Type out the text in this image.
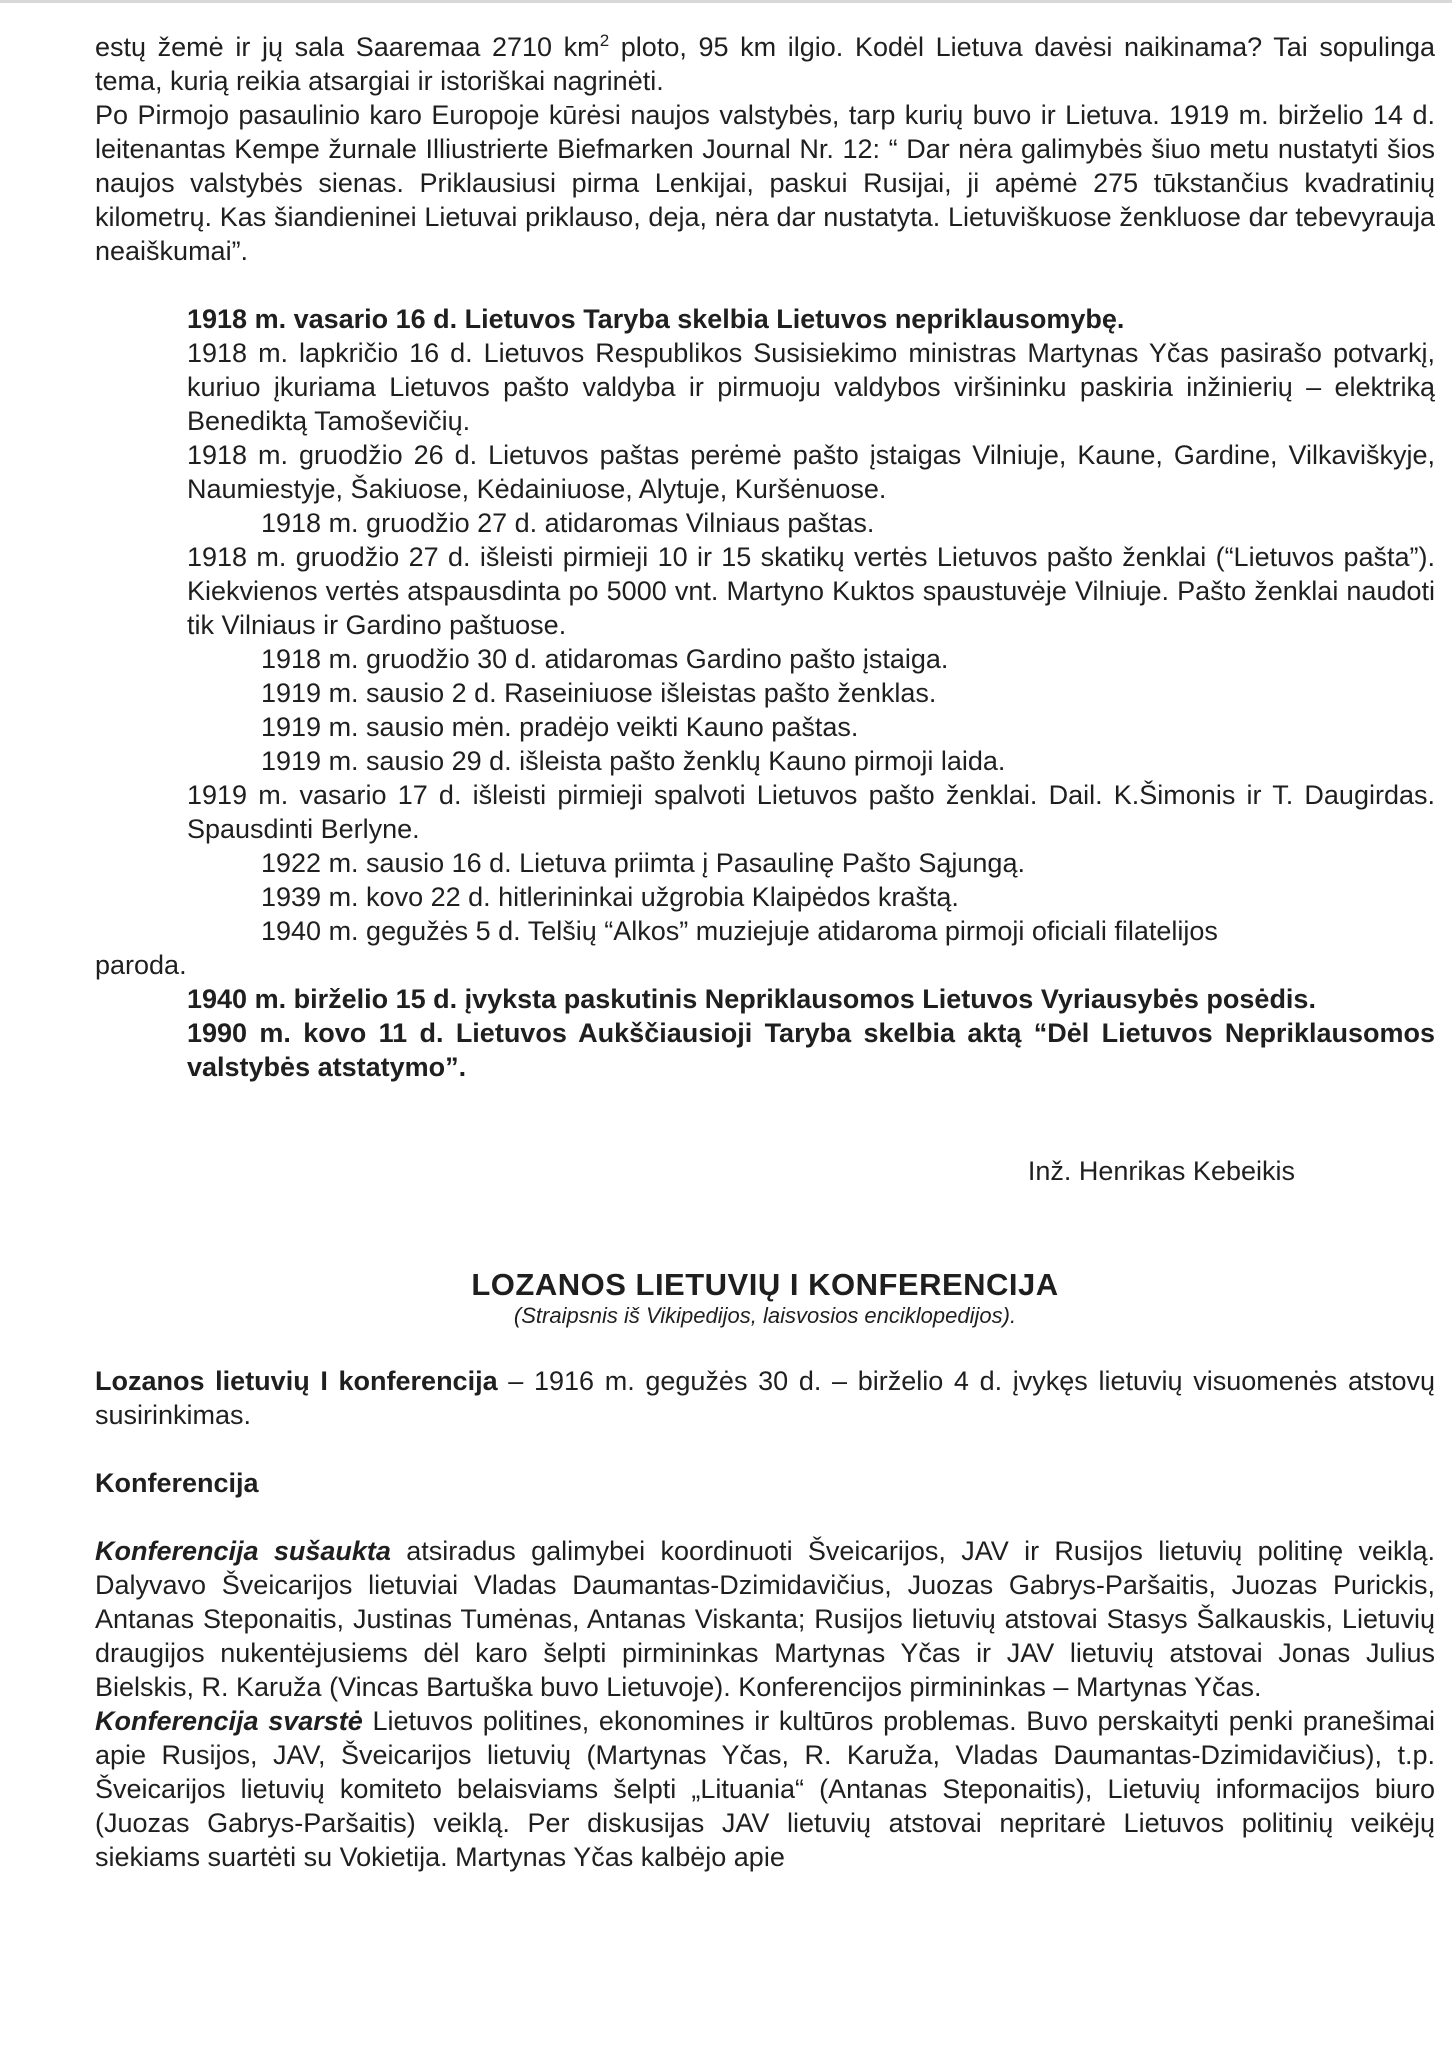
estų žemė ir jų sala Saaremaa 2710 $km^2$ ploto, 95 km ilgio. Kodėl Lietuva davėsi naikinama? Tai sopulinga tema, kurią reikia atsargiai ir istoriškai nagrinėti.

Po Pirmojo pasaulinio karo Europoje kūrėsi naujos valstybės, tarp kurių buvo ir Lietuva. 1919 m. birželio 14 d. leitenantas Kempe žurnale Illiustrierte Biefmarken Journal Nr. 12: “ Dar nėra galimybės šiuo metu nustatyti šios naujos valstybės sienas. Priklausiusi pirma Lenkijai, paskui Rusijai, ji apėmė 275 tūkstančius kvadratinių kilometrų. Kas šiandieninei Lietuvai priklauso, deja, nėra dar nustatyta. Lietuviškuose ženkluose dar tebevyrauja neaiškumai”.

1918 m. vasario 16 d. Lietuvos Taryba skelbia Lietuvos nepriklausomybę.

1918 m. lapkričio 16 d. Lietuvos Respublikos Susisiekimo ministras Martynas Yčas pasirašo potvarkį, kuriuo įkuriama Lietuvos pašto valdyba ir pirmuoju valdybos viršininku paskiria inžinierių – elektriką Benediktą Tamoševičių.

1918 m. gruodžio 26 d. Lietuvos paštas perėmė pašto įstaigas Vilniuje, Kaune, Gardine, Vilkaviškyje, Naumiestyje, Šakiuose, Kėdainiuose, Alytuje, Kuršėnuose.

1918 m. gruodžio 27 d. atidaromas Vilniaus paštas.

1918 m. gruodžio 27 d. išleisti pirmieji 10 ir 15 skatikų vertės Lietuvos pašto ženklai (“Lietuvos pašta”). Kiekvienos vertės atspausdinta po 5000 vnt. Martyno Kuktos spaustuvėje Vilniuje. Pašto ženklai naudoti tik Vilniaus ir Gardino paštuose.

1918 m. gruodžio 30 d. atidaromas Gardino pašto įstaiga.

1919 m. sausio 2 d. Raseiniuose išleistas pašto ženklas.

1919 m. sausio mėn. pradėjo veikti Kauno paštas.

1919 m. sausio 29 d. išleista pašto ženklų Kauno pirmoji laida.

1919 m. vasario 17 d. išleisti pirmieji spalvoti Lietuvos pašto ženklai. Dail. K.Šimonis ir T. Daugirdas. Spausdinti Berlyne.

1922 m. sausio 16 d. Lietuva priimta į Pasaulinę Pašto Sąjungą.

1939 m. kovo 22 d. hitlerininkai užgrobia Klaipėdos kraštą.

1940 m. gegužės 5 d. Telšių “Alkos” muziejuje atidaroma pirmoji oficiali filatelijos

paroda.

1940 m. birželio 15 d. įvyksta paskutinis Nepriklausomos Lietuvos Vyriausybės posėdis.

1990 m. kovo 11 d. Lietuvos Aukščiausioji Taryba skelbia aktą “Dėl Lietuvos Nepriklausomos valstybės atstatymo”.

Inž. Henrikas Kebeikis

LOZANOS LIETUVIŲ I KONFERENCIJA

(Straipsnis iš Vikipedijos, laisvosios enciklopedijos).

Lozanos lietuvių I konferencija – 1916 m. gegužės 30 d. – birželio 4 d. įvykęs lietuvių visuomenės atstovų susirinkimas.

Konferencija

Konferencija sušaukta atsiradus galimybei koordinuoti Šveicarijos, JAV ir Rusijos lietuvių politinę veiklą. Dalyvavo Šveicarijos lietuviai Vladas Daumantas-Dzimidavičius, Juozas Gabrys-Paršaitis, Juozas Purickis, Antanas Steponaitis, Justinas Tumėnas, Antanas Viskanta; Rusijos lietuvių atstovai Stasys Šalkauskis, Lietuvių draugijos nukentėjusiems dėl karo šelpti pirmininkas Martynas Yčas ir JAV lietuvių atstovai Jonas Julius Bielskis, R. Karuža (Vincas Bartuška buvo Lietuvoje). Konferencijos pirmininkas – Martynas Yčas.

Konferencija svarstė Lietuvos politines, ekonomines ir kultūros problemas. Buvo perskaityti penki pranešimai apie Rusijos, JAV, Šveicarijos lietuvių (Martynas Yčas, R. Karuža, Vladas Daumantas-Dzimidavičius), t.p. Šveicarijos lietuvių komiteto belaisviams šelpti „Lituania“ (Antanas Steponaitis), Lietuvių informacijos biuro (Juozas Gabrys-Paršaitis) veiklą. Per diskusijas JAV lietuvių atstovai nepritarė Lietuvos politinių veikėjų siekiams suartėti su Vokietija. Martynas Yčas kalbėjo apie
